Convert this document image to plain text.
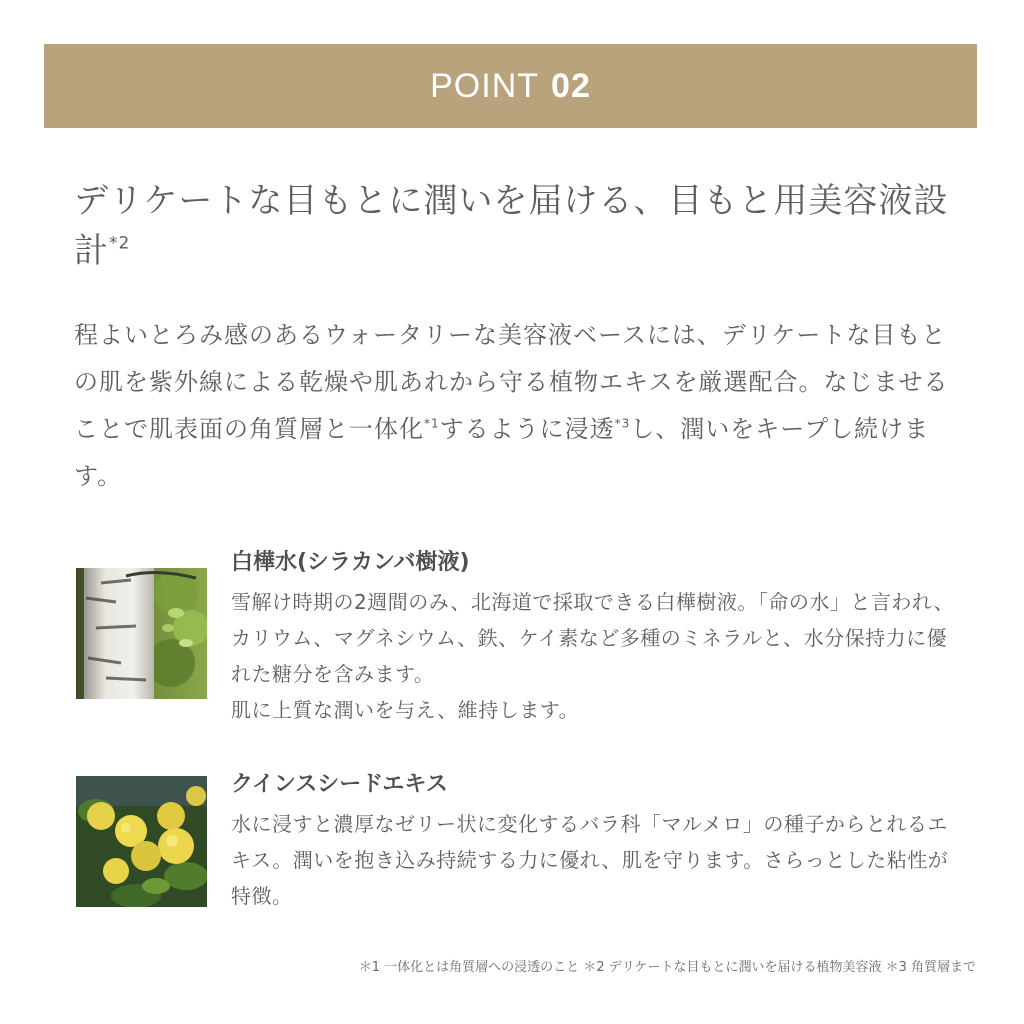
POINT 02
デリケートな目もとに潤いを届ける、目もと用美容液設計$^{*2}$
程よいとろみ感のあるウォータリーな美容液ベースには、デリケートな目もとの肌を紫外線による乾燥や肌あれから守る植物エキスを厳選配合。なじませることで肌表面の角質層と一体化$^{*1}$するように浸透$^{*3}$し、潤いをキープし続けます。
白樺水(シラカンバ樹液)
雪解け時期の2週間のみ、北海道で採取できる白樺樹液。「命の水」と言われ、カリウム、マグネシウム、鉄、ケイ素など多種のミネラルと、水分保持力に優れた糖分を含みます。
肌に上質な潤いを与え、維持します。
クインスシードエキス
水に浸すと濃厚なゼリー状に変化するバラ科「マルメロ」の種子からとれるエキス。潤いを抱き込み持続する力に優れ、肌を守ります。さらっとした粘性が特徴。
＊1 一体化とは角質層への浸透のこと ＊2 デリケートな目もとに潤いを届ける植物美容液 ＊3 角質層まで
